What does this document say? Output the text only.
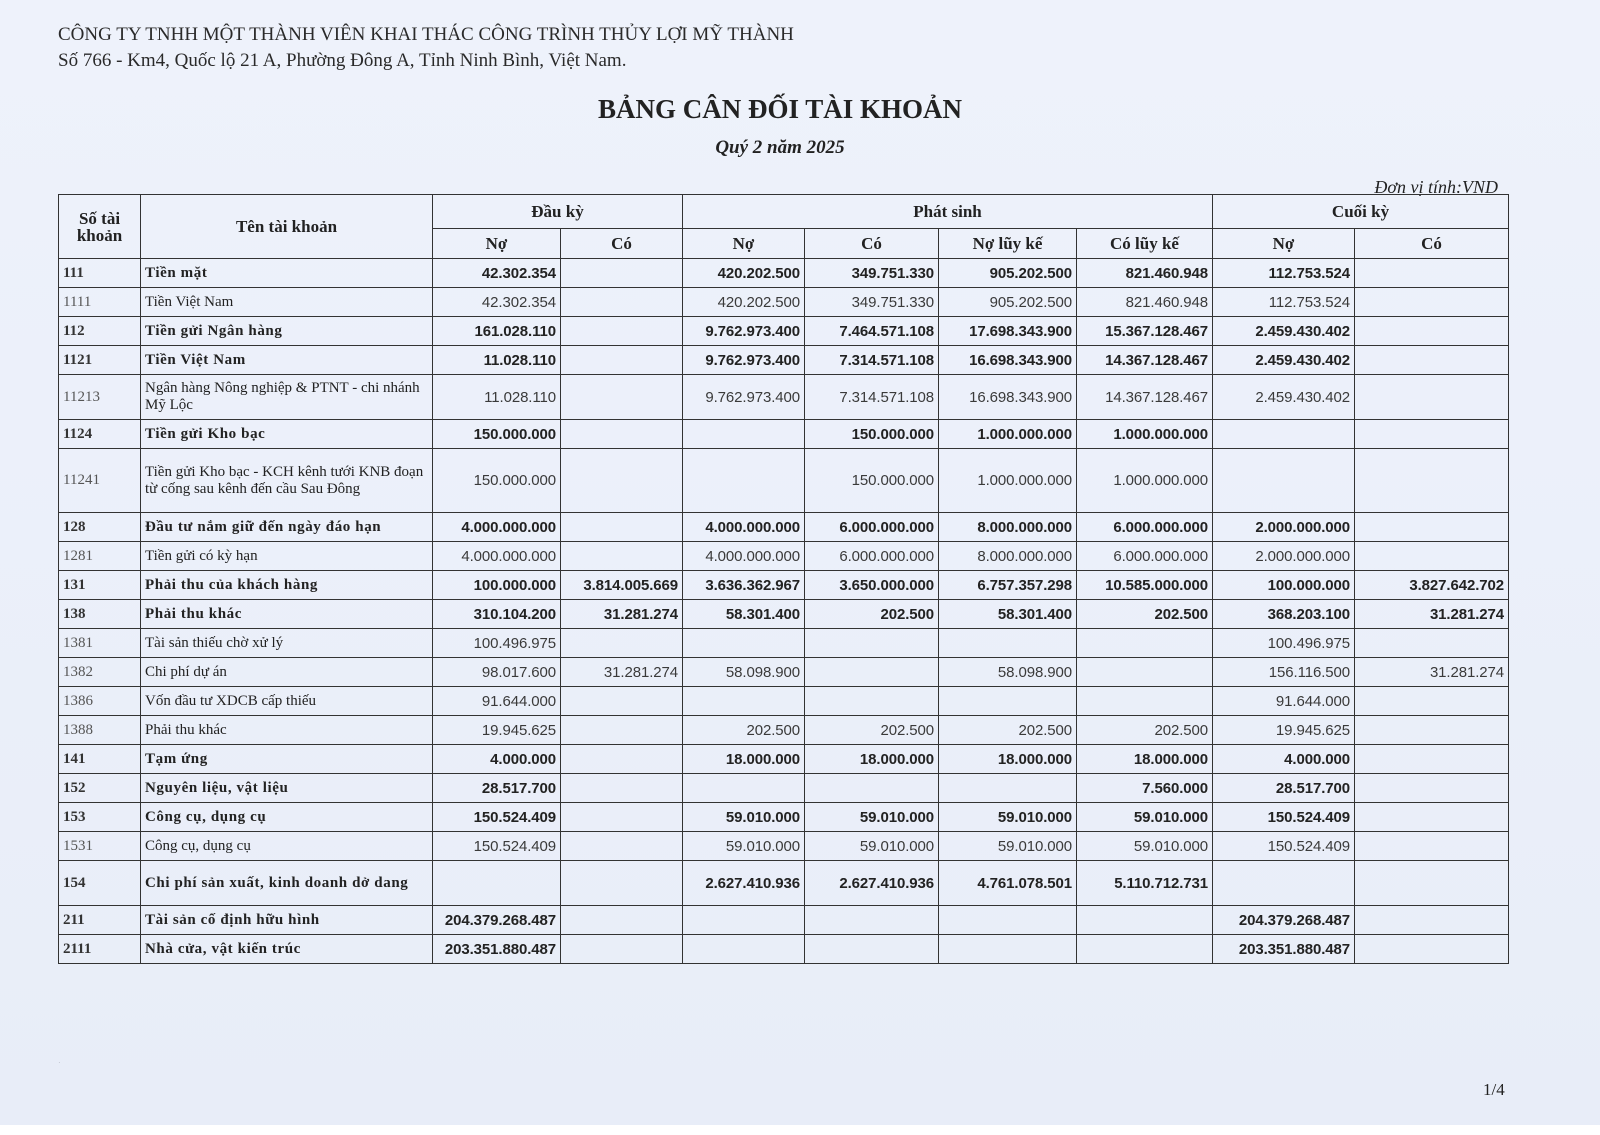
CÔNG TY TNHH MỘT THÀNH VIÊN KHAI THÁC CÔNG TRÌNH THỦY LỢI MỸ THÀNH
Số 766 - Km4, Quốc lộ 21 A, Phường Đông A, Tỉnh Ninh Bình, Việt Nam.
BẢNG CÂN ĐỐI TÀI KHOẢN
Quý 2 năm 2025
Đơn vị tính:VND
Số tài khoản	Tên tài khoản	Đầu kỳ		Phát sinh				Cuối kỳ	
		Nợ	Có	Nợ	Có	Nợ lũy kế	Có lũy kế	Nợ	Có
111	Tiền mặt	42.302.354		420.202.500	349.751.330	905.202.500	821.460.948	112.753.524	
1111	Tiền Việt Nam	42.302.354		420.202.500	349.751.330	905.202.500	821.460.948	112.753.524	
112	Tiền gửi Ngân hàng	161.028.110		9.762.973.400	7.464.571.108	17.698.343.900	15.367.128.467	2.459.430.402	
1121	Tiền Việt Nam	11.028.110		9.762.973.400	7.314.571.108	16.698.343.900	14.367.128.467	2.459.430.402	
11213	Ngân hàng Nông nghiệp & PTNT - chi nhánh Mỹ Lộc	11.028.110		9.762.973.400	7.314.571.108	16.698.343.900	14.367.128.467	2.459.430.402	
1124	Tiền gửi Kho bạc	150.000.000			150.000.000	1.000.000.000	1.000.000.000		
11241	Tiền gửi Kho bạc - KCH kênh tưới KNB đoạn từ cống sau kênh đến cầu Sau Đông	150.000.000			150.000.000	1.000.000.000	1.000.000.000		
128	Đầu tư nắm giữ đến ngày đáo hạn	4.000.000.000		4.000.000.000	6.000.000.000	8.000.000.000	6.000.000.000	2.000.000.000	
1281	Tiền gửi có kỳ hạn	4.000.000.000		4.000.000.000	6.000.000.000	8.000.000.000	6.000.000.000	2.000.000.000	
131	Phải thu của khách hàng	100.000.000	3.814.005.669	3.636.362.967	3.650.000.000	6.757.357.298	10.585.000.000	100.000.000	3.827.642.702
138	Phải thu khác	310.104.200	31.281.274	58.301.400	202.500	58.301.400	202.500	368.203.100	31.281.274
1381	Tài sản thiếu chờ xử lý	100.496.975						100.496.975	
1382	Chi phí dự án	98.017.600	31.281.274	58.098.900		58.098.900		156.116.500	31.281.274
1386	Vốn đầu tư XDCB cấp thiếu	91.644.000						91.644.000	
1388	Phải thu khác	19.945.625		202.500	202.500	202.500	202.500	19.945.625	
141	Tạm ứng	4.000.000		18.000.000	18.000.000	18.000.000	18.000.000	4.000.000	
152	Nguyên liệu, vật liệu	28.517.700					7.560.000	28.517.700	
153	Công cụ, dụng cụ	150.524.409		59.010.000	59.010.000	59.010.000	59.010.000	150.524.409	
1531	Công cụ, dụng cụ	150.524.409		59.010.000	59.010.000	59.010.000	59.010.000	150.524.409	
154	Chi phí sản xuất, kinh doanh dở dang			2.627.410.936	2.627.410.936	4.761.078.501	5.110.712.731		
211	Tài sản cố định hữu hình	204.379.268.487						204.379.268.487	
2111	Nhà cửa, vật kiến trúc	203.351.880.487						203.351.880.487	
·
1/4
